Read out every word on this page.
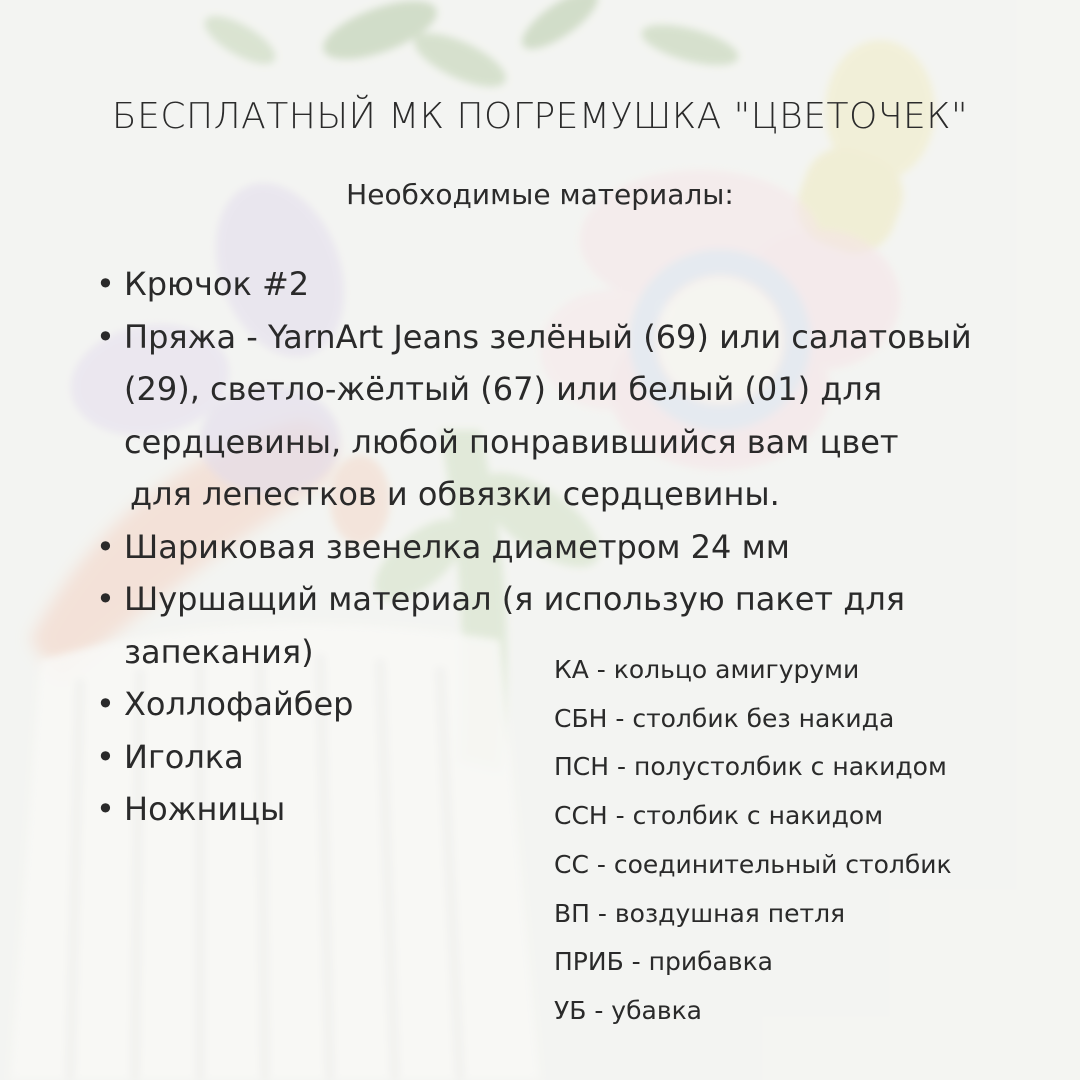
БЕСПЛАТНЫЙ МК ПОГРЕМУШКА "ЦВЕТОЧЕК"
Необходимые материалы:
• Крючок #2
• Пряжа - YarnArt Jeans зелёный (69) или салатовый
(29), светло-жёлтый (67) или белый (01) для
сердцевины, любой понравившийся вам цвет
для лепестков и обвязки сердцевины.
• Шариковая звенелка диаметром 24 мм
• Шуршащий материал (я использую пакет для
запекания)
• Холлофайбер
• Иголка
• Ножницы
КА - кольцо амигуруми
СБН - столбик без накида
ПСН - полустолбик с накидом
ССН - столбик с накидом
СС - соединительный столбик
ВП - воздушная петля
ПРИБ - прибавка
УБ - убавка
